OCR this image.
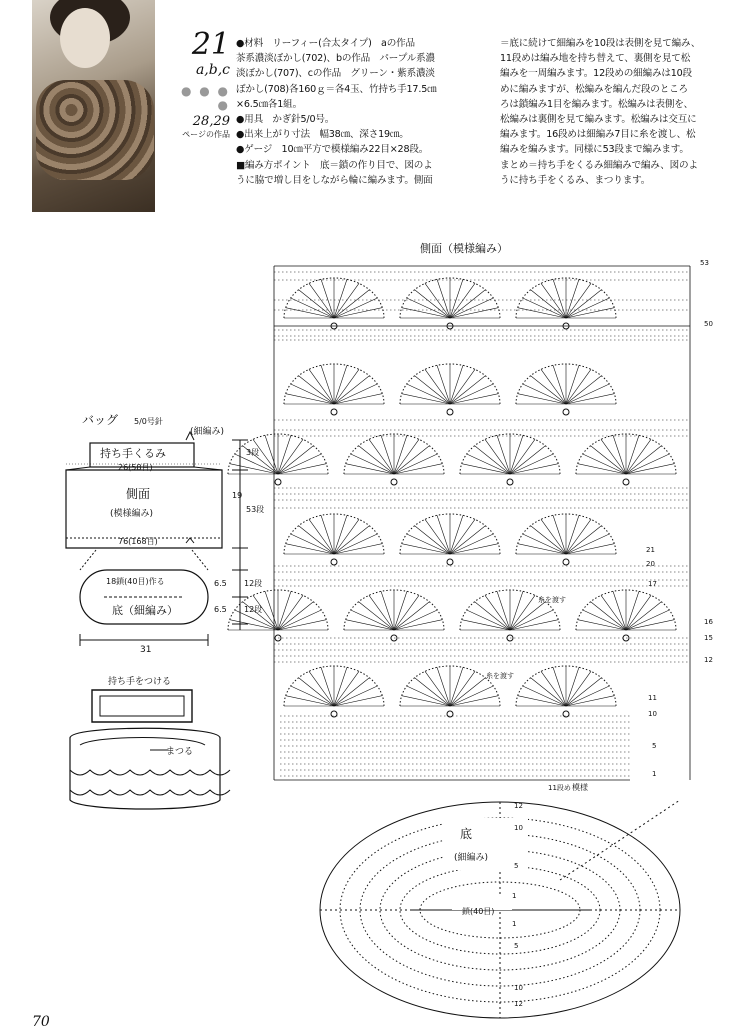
21
a,b,c
● ● ● ●
28,29
ページの作品

●材料　リーフィー(合太タイプ)　aの作品

茶系濃淡ぼかし(702)、bの作品　パープル系濃

淡ぼかし(707)、cの作品　グリーン・紫系濃淡

ぼかし(708)各160ｇ＝各4玉、竹持ち手17.5㎝

×6.5㎝各1組。

●用具　かぎ針5/0号。

●出来上がり寸法　幅38㎝、深さ19㎝。

●ゲージ　10㎝平方で模様編み22目×28段。

■編み方ポイント　底＝鎖の作り目で、図のよ

うに脇で増し目をしながら輪に編みます。側面

＝底に続けて細編みを10段は表側を見て編み、

11段めは編み地を持ち替えて、裏側を見て松

編みを一周編みます。12段めの細編みは10段

めに編みますが、松編みを編んだ段のところ

ろは鎖編み1目を編みます。松編みは表側を、

松編みは裏側を見て編みます。松編みは交互に

編みます。16段めは細編み7目に糸を渡し、松

編みを編みます。同様に53段まで編みます。

まとめ＝持ち手をくるみ細編みで編み、図のよ

うに持ち手をくるみ、まつります。

側面（模様編み）
バッグ 5/0号針
(細編み)
持ち手くるみ
26(58目)
側面
(模様編み)
76(168目)
18鎖(40目)作る
底（細編み）
31
3段
19
53段
6.5
6.5
12段
12段
持ち手をつける
まつる
53
50
21
20
17
16
15
12
11
10
5
1
糸を渡す
糸を渡す
11段め 模様
底
(細編み)
鎖(40目)
12
10
5
1
1
5
10
12
70
